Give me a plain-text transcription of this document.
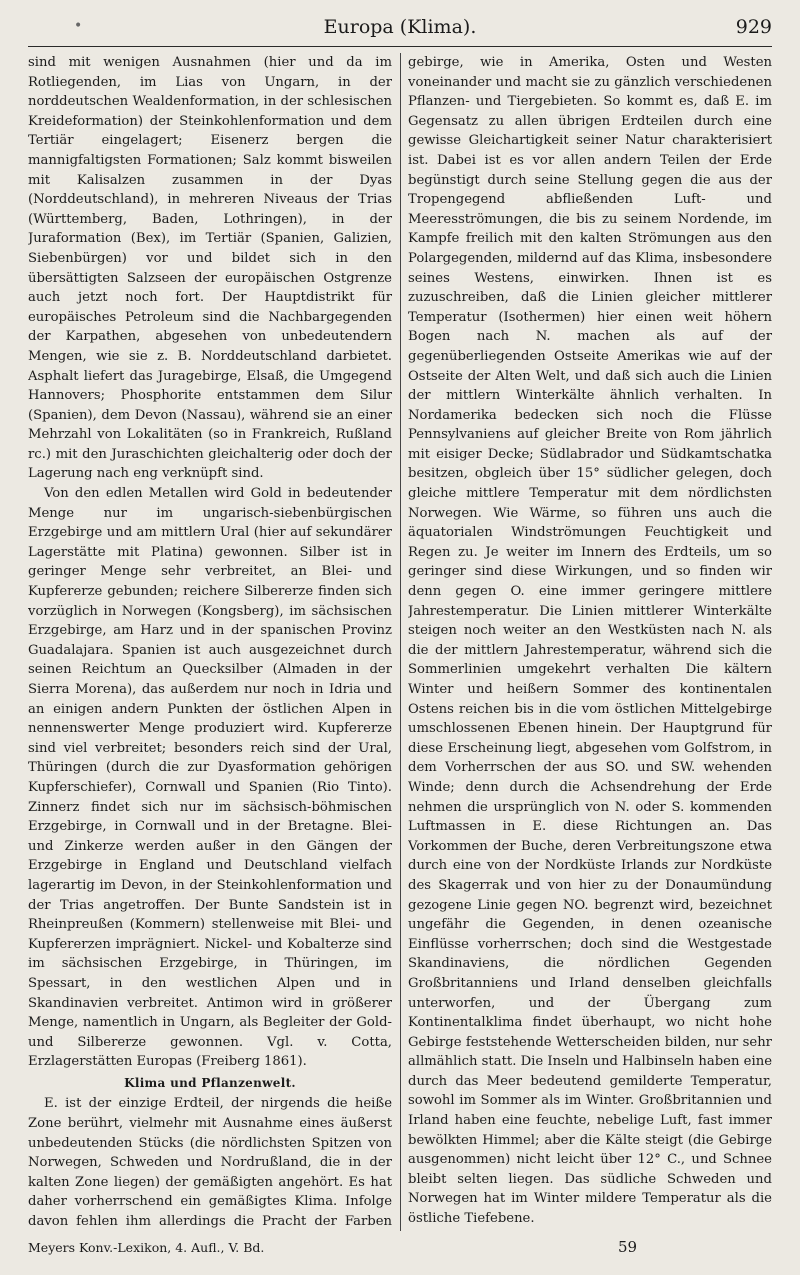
•	Europa (Klima).	929

sind mit wenigen Ausnahmen (hier und da im Rotliegenden, im Lias von Ungarn, in der norddeutschen Wealdenformation, in der schlesischen Kreideformation) der Steinkohlenformation und dem Tertiär eingelagert; Eisenerz bergen die mannigfaltigsten Formationen; Salz kommt bisweilen mit Kalisalzen zusammen in der Dyas (Norddeutschland), in mehreren Niveaus der Trias (Württemberg, Baden, Lothringen), in der Juraformation (Bex), im Tertiär (Spanien, Galizien, Siebenbürgen) vor und bildet sich in den übersättigten Salzseen der europäischen Ostgrenze auch jetzt noch fort. Der Hauptdistrikt für europäisches Petroleum sind die Nachbargegenden der Karpathen, abgesehen von unbedeutendern Mengen, wie sie z. B. Norddeutschland darbietet. Asphalt liefert das Juragebirge, Elsaß, die Umgegend Hannovers; Phosphorite entstammen dem Silur (Spanien), dem Devon (Nassau), während sie an einer Mehrzahl von Lokalitäten (so in Frankreich, Rußland rc.) mit den Juraschichten gleichalterig oder doch der Lagerung nach eng verknüpft sind.

Von den edlen Metallen wird Gold in bedeutender Menge nur im ungarisch-siebenbürgischen Erzgebirge und am mittlern Ural (hier auf sekundärer Lagerstätte mit Platina) gewonnen. Silber ist in geringer Menge sehr verbreitet, an Blei- und Kupfererze gebunden; reichere Silbererze finden sich vorzüglich in Norwegen (Kongsberg), im sächsischen Erzgebirge, am Harz und in der spanischen Provinz Guadalajara. Spanien ist auch ausgezeichnet durch seinen Reichtum an Quecksilber (Almaden in der Sierra Morena), das außerdem nur noch in Idria und an einigen andern Punkten der östlichen Alpen in nennenswerter Menge produziert wird. Kupfererze sind viel verbreitet; besonders reich sind der Ural, Thüringen (durch die zur Dyasformation gehörigen Kupferschiefer), Cornwall und Spanien (Rio Tinto). Zinnerz findet sich nur im sächsisch-böhmischen Erzgebirge, in Cornwall und in der Bretagne. Blei- und Zinkerze werden außer in den Gängen der Erzgebirge in England und Deutschland vielfach lagerartig im Devon, in der Steinkohlenformation und der Trias angetroffen. Der Bunte Sandstein ist in Rheinpreußen (Kommern) stellenweise mit Blei- und Kupfererzen imprägniert. Nickel- und Kobalterze sind im sächsischen Erzgebirge, in Thüringen, im Spessart, in den westlichen Alpen und in Skandinavien verbreitet. Antimon wird in größerer Menge, namentlich in Ungarn, als Begleiter der Gold- und Silbererze gewonnen. Vgl. v. Cotta, Erzlagerstätten Europas (Freiberg 1861).

Klima und Pflanzenwelt.

E. ist der einzige Erdteil, der nirgends die heiße Zone berührt, vielmehr mit Ausnahme eines äußerst unbedeutenden Stücks (die nördlichsten Spitzen von Norwegen, Schweden und Nordrußland, die in der kalten Zone liegen) der gemäßigten angehört. Es hat daher vorherrschend ein gemäßigtes Klima. Infolge davon fehlen ihm allerdings die Pracht der Farben

gebirge, wie in Amerika, Osten und Westen voneinander und macht sie zu gänzlich verschiedenen Pflanzen- und Tiergebieten. So kommt es, daß E. im Gegensatz zu allen übrigen Erdteilen durch eine gewisse Gleichartigkeit seiner Natur charakterisiert ist. Dabei ist es vor allen andern Teilen der Erde begünstigt durch seine Stellung gegen die aus der Tropengegend abfließenden Luft- und Meeresströmungen, die bis zu seinem Nordende, im Kampfe freilich mit den kalten Strömungen aus den Polargegenden, mildernd auf das Klima, insbesondere seines Westens, einwirken. Ihnen ist es zuzuschreiben, daß die Linien gleicher mittlerer Temperatur (Isothermen) hier einen weit höhern Bogen nach N. machen als auf der gegenüberliegenden Ostseite Amerikas wie auf der Ostseite der Alten Welt, und daß sich auch die Linien der mittlern Winterkälte ähnlich verhalten. In Nordamerika bedecken sich noch die Flüsse Pennsylvaniens auf gleicher Breite von Rom jährlich mit eisiger Decke; Südlabrador und Südkamtschatka besitzen, obgleich über 15° südlicher gelegen, doch gleiche mittlere Temperatur mit dem nördlichsten Norwegen. Wie Wärme, so führen uns auch die äquatorialen Windströmungen Feuchtigkeit und Regen zu. Je weiter im Innern des Erdteils, um so geringer sind diese Wirkungen, und so finden wir denn gegen O. eine immer geringere mittlere Jahrestemperatur. Die Linien mittlerer Winterkälte steigen noch weiter an den Westküsten nach N. als die der mittlern Jahrestemperatur, während sich die Sommerlinien umgekehrt verhalten Die kältern Winter und heißern Sommer des kontinentalen Ostens reichen bis in die vom östlichen Mittelgebirge umschlossenen Ebenen hinein. Der Hauptgrund für diese Erscheinung liegt, abgesehen vom Golfstrom, in dem Vorherrschen der aus SO. und SW. wehenden Winde; denn durch die Achsendrehung der Erde nehmen die ursprünglich von N. oder S. kommenden Luftmassen in E. diese Richtungen an. Das Vorkommen der Buche, deren Verbreitungszone etwa durch eine von der Nordküste Irlands zur Nordküste des Skagerrak und von hier zu der Donaumündung gezogene Linie gegen NO. begrenzt wird, bezeichnet ungefähr die Gegenden, in denen ozeanische Einflüsse vorherrschen; doch sind die Westgestade Skandinaviens, die nördlichen Gegenden Großbritanniens und Irland denselben gleichfalls unterworfen, und der Übergang zum Kontinentalklima findet überhaupt, wo nicht hohe Gebirge feststehende Wetterscheiden bilden, nur sehr allmählich statt. Die Inseln und Halbinseln haben eine durch das Meer bedeutend gemilderte Temperatur, sowohl im Sommer als im Winter. Großbritannien und Irland haben eine feuchte, nebelige Luft, fast immer bewölkten Himmel; aber die Kälte steigt (die Gebirge ausgenommen) nicht leicht über 12° C., und Schnee bleibt selten liegen. Das südliche Schweden und Norwegen hat im Winter mildere Temperatur als die östliche Tiefebene.

Meyers Konv.-Lexikon, 4. Aufl., V. Bd.	59
